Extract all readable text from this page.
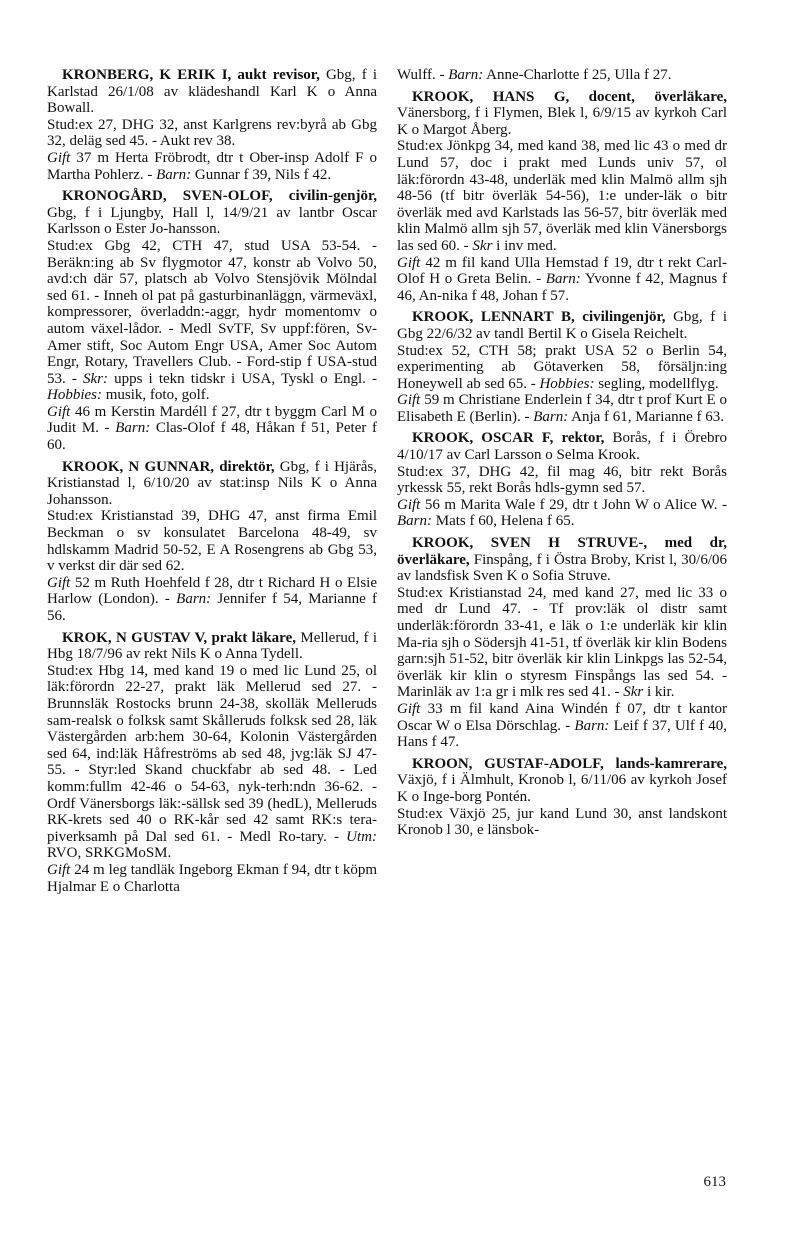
KRONBERG, K ERIK I, aukt revisor, Gbg, f i Karlstad 26/1/08 av klädeshandl Karl K o Anna Bowall.

Stud:ex 27, DHG 32, anst Karlgrens rev:byrå ab Gbg 32, deläg sed 45. - Aukt rev 38.

Gift 37 m Herta Fröbrodt, dtr t Ober-insp Adolf F o Martha Pohlerz. - Barn: Gunnar f 39, Nils f 42.

KRONOGÅRD, SVEN-OLOF, civilin-genjör, Gbg, f i Ljungby, Hall l, 14/9/21 av lantbr Oscar Karlsson o Ester Jo-hansson.

Stud:ex Gbg 42, CTH 47, stud USA 53-54. - Beräkn:ing ab Sv flygmotor 47, konstr ab Volvo 50, avd:ch där 57, platsch ab Volvo Stensjövik Mölndal sed 61. - Inneh ol pat på gasturbinanläggn, värmeväxl, kompressorer, överladdn:-aggr, hydr momentomv o autom växel-lådor. - Medl SvTF, Sv uppf:fören, Sv-Amer stift, Soc Autom Engr USA, Amer Soc Autom Engr, Rotary, Travellers Club. - Ford-stip f USA-stud 53. - Skr: upps i tekn tidskr i USA, Tyskl o Engl. - Hobbies: musik, foto, golf.

Gift 46 m Kerstin Mardéll f 27, dtr t byggm Carl M o Judit M. - Barn: Clas-Olof f 48, Håkan f 51, Peter f 60.

KROOK, N GUNNAR, direktör, Gbg, f i Hjärås, Kristianstad l, 6/10/20 av stat:insp Nils K o Anna Johansson.

Stud:ex Kristianstad 39, DHG 47, anst firma Emil Beckman o sv konsulatet Barcelona 48-49, sv hdlskamm Madrid 50-52, E A Rosengrens ab Gbg 53, v verkst dir där sed 62.

Gift 52 m Ruth Hoehfeld f 28, dtr t Richard H o Elsie Harlow (London). - Barn: Jennifer f 54, Marianne f 56.

KROK, N GUSTAV V, prakt läkare, Mellerud, f i Hbg 18/7/96 av rekt Nils K o Anna Tydell.

Stud:ex Hbg 14, med kand 19 o med lic Lund 25, ol läk:förordn 22-27, prakt läk Mellerud sed 27. - Brunnsläk Rostocks brunn 24-38, skolläk Melleruds sam-realsk o folksk samt Skålleruds folksk sed 28, läk Västergården arb:hem 30-64, Kolonin Västergården sed 64, ind:läk Håfreströms ab sed 48, jvg:läk SJ 47-55. - Styr:led Skand chuckfabr ab sed 48. - Led komm:fullm 42-46 o 54-63, nyk-terh:ndn 36-62. - Ordf Vänersborgs läk:-sällsk sed 39 (hedL), Melleruds RK-krets sed 40 o RK-kår sed 42 samt RK:s tera-piverksamh på Dal sed 61. - Medl Ro-tary. - Utm: RVO, SRKGMoSM.

Gift 24 m leg tandläk Ingeborg Ekman f 94, dtr t köpm Hjalmar E o Charlotta

Wulff. - Barn: Anne-Charlotte f 25, Ulla f 27.

KROOK, HANS G, docent, överläkare, Vänersborg, f i Flymen, Blek l, 6/9/15 av kyrkoh Carl K o Margot Åberg.

Stud:ex Jönkpg 34, med kand 38, med lic 43 o med dr Lund 57, doc i prakt med Lunds univ 57, ol läk:förordn 43-48, underläk med klin Malmö allm sjh 48-56 (tf bitr överläk 54-56), 1:e under-läk o bitr överläk med avd Karlstads las 56-57, bitr överläk med klin Malmö allm sjh 57, överläk med klin Vänersborgs las sed 60. - Skr i inv med.

Gift 42 m fil kand Ulla Hemstad f 19, dtr t rekt Carl-Olof H o Greta Belin. - Barn: Yvonne f 42, Magnus f 46, An-nika f 48, Johan f 57.

KROOK, LENNART B, civilingenjör, Gbg, f i Gbg 22/6/32 av tandl Bertil K o Gisela Reichelt.

Stud:ex 52, CTH 58; prakt USA 52 o Berlin 54, experimenting ab Götaverken 58, försäljn:ing Honeywell ab sed 65. - Hobbies: segling, modellflyg.

Gift 59 m Christiane Enderlein f 34, dtr t prof Kurt E o Elisabeth E (Berlin). - Barn: Anja f 61, Marianne f 63.

KROOK, OSCAR F, rektor, Borås, f i Örebro 4/10/17 av Carl Larsson o Selma Krook.

Stud:ex 37, DHG 42, fil mag 46, bitr rekt Borås yrkessk 55, rekt Borås hdls-gymn sed 57.

Gift 56 m Marita Wale f 29, dtr t John W o Alice W. - Barn: Mats f 60, Helena f 65.

KROOK, SVEN H STRUVE-, med dr, överläkare, Finspång, f i Östra Broby, Krist l, 30/6/06 av landsfisk Sven K o Sofia Struve.

Stud:ex Kristianstad 24, med kand 27, med lic 33 o med dr Lund 47. - Tf prov:läk ol distr samt underläk:förordn 33-41, e läk o 1:e underläk kir klin Ma-ria sjh o Södersjh 41-51, tf överläk kir klin Bodens garn:sjh 51-52, bitr överläk kir klin Linkpgs las 52-54, överläk kir klin o styresm Finspångs las sed 54. - Marinläk av 1:a gr i mlk res sed 41. - Skr i kir.

Gift 33 m fil kand Aina Windén f 07, dtr t kantor Oscar W o Elsa Dörschlag. - Barn: Leif f 37, Ulf f 40, Hans f 47.

KROON, GUSTAF-ADOLF, lands-kamrerare, Växjö, f i Älmhult, Kronob l, 6/11/06 av kyrkoh Josef K o Inge-borg Pontén.

Stud:ex Växjö 25, jur kand Lund 30, anst landskont Kronob l 30, e länsbok-

613
